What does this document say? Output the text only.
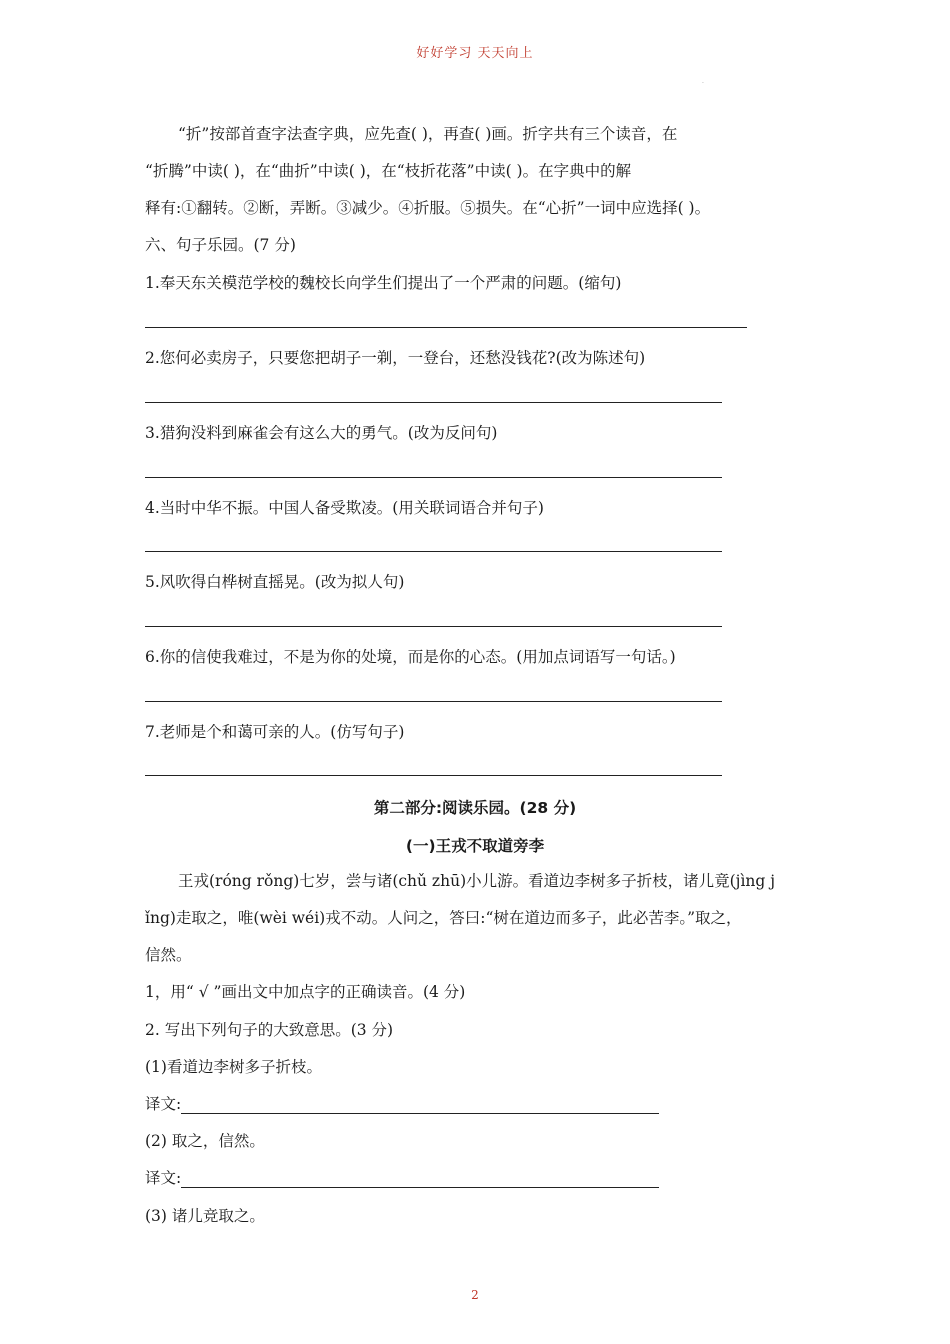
好好学习 天天向上
.
“折”按部首查字法查字典，应先查( )，再查( )画。折字共有三个读音，在
“折腾”中读( )，在“曲折”中读( )，在“枝折花落”中读( )。在字典中的解
释有:①翻转。②断，弄断。③减少。④折服。⑤损失。在“心折”一词中应选择( )。
六、句子乐园。(7 分)
1.奉天东关模范学校的魏校长向学生们提出了一个严肃的问题。(缩句)
2.您何必卖房子，只要您把胡子一剃，一登台，还愁没钱花?(改为陈述句)
3.猎狗没料到麻雀会有这么大的勇气。(改为反问句)
4.当时中华不振。中国人备受欺凌。(用关联词语合并句子)
5.风吹得白桦树直摇晃。(改为拟人句)
6.你的信使我难过，不是为你的处境，而是你的心态。(用加点词语写一句话。)
7.老师是个和蔼可亲的人。(仿写句子)
第二部分:阅读乐园。(28 分)
(一)王戎不取道旁李
王戎(róng rǒng)七岁，尝与诸(chǔ zhū)小儿游。看道边李树多子折枝，诸儿竟(jìng j
ǐng)走取之，唯(wèi wéi)戎不动。人问之，答曰:“树在道边而多子，此必苦李。”取之，
信然。
1，用“ √ ”画出文中加点字的正确读音。(4 分)
2. 写出下列句子的大致意思。(3 分)
(1)看道边李树多子折枝。
译文:
(2) 取之，信然。
译文:
(3) 诸儿竞取之。
2
